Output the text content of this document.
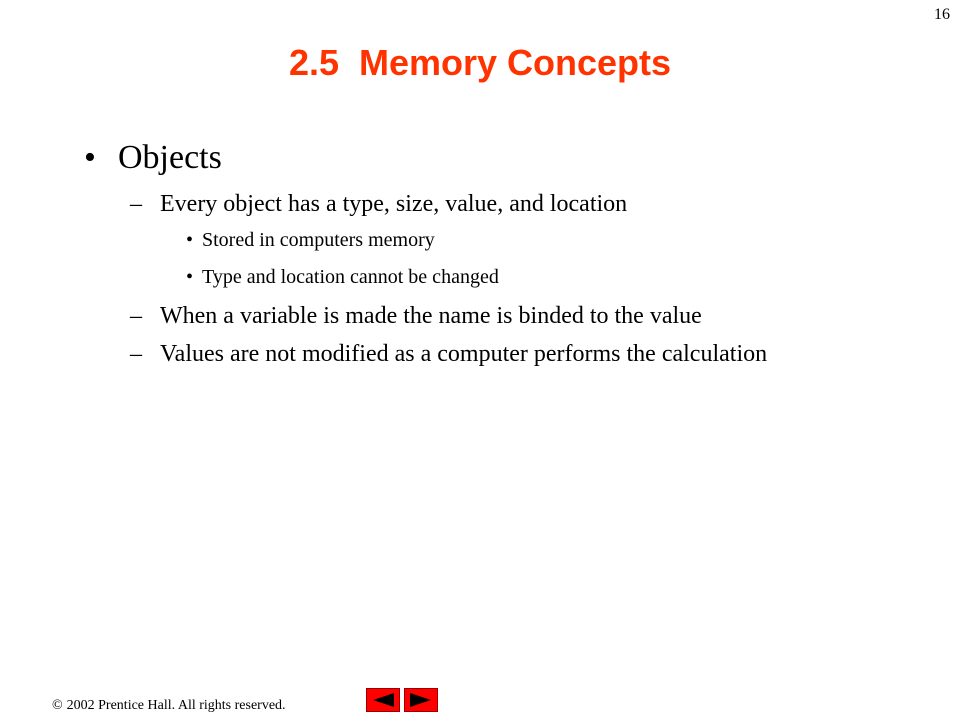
16
2.5  Memory Concepts
• Objects
– Every object has a type, size, value, and location
• Stored in computers memory
• Type and location cannot be changed
– When a variable is made the name is binded to the value
– Values are not modified as a computer performs the calculation
© 2002 Prentice Hall. All rights reserved.
